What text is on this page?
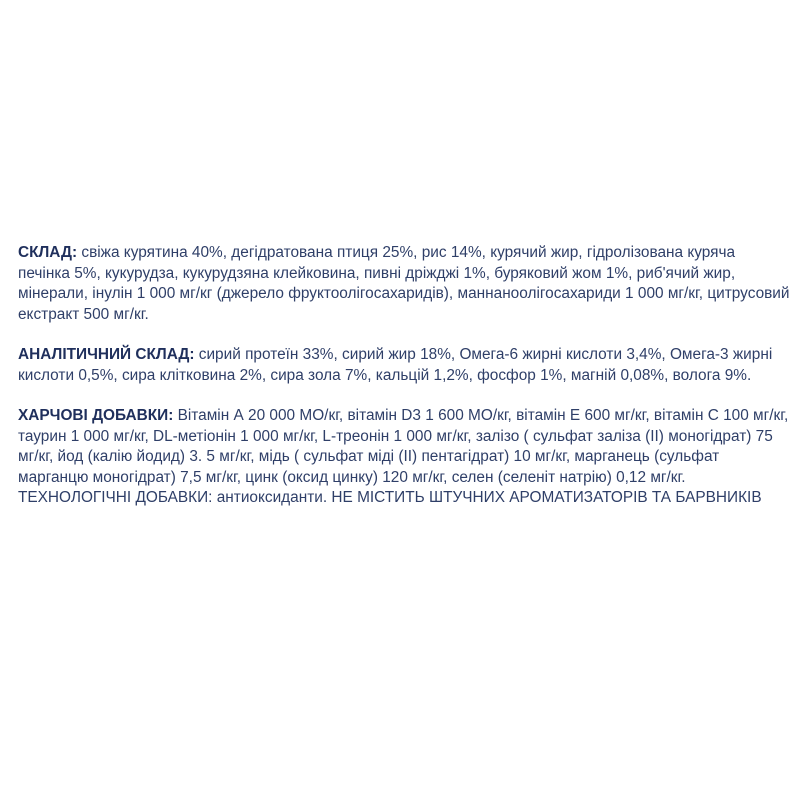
СКЛАД: свіжа курятина 40%, дегідратована птиця 25%, рис 14%, курячий жир, гідролізована куряча печінка 5%, кукурудза, кукурудзяна клейковина, пивні дріжджі 1%, буряковий жом 1%, риб'ячий жир, мінерали, інулін 1 000 мг/кг (джерело фруктоолігосахаридів), маннаноолігосахариди 1 000 мг/кг, цитрусовий екстракт 500 мг/кг.

АНАЛІТИЧНИЙ СКЛАД: сирий протеїн 33%, сирий жир 18%, Омега-6 жирні кислоти 3,4%, Омега-3 жирні кислоти 0,5%, сира клітковина 2%, сира зола 7%, кальцій 1,2%, фосфор 1%, магній 0,08%, волога 9%.

ХАРЧОВІ ДОБАВКИ: Вітамін А 20 000 МО/кг, вітамін D3 1 600 МО/кг, вітамін Е 600 мг/кг, вітамін С 100 мг/кг, таурин 1 000 мг/кг, DL-метіонін 1 000 мг/кг, L-треонін 1 000 мг/кг, залізо ( сульфат заліза (II) моногідрат) 75 мг/кг, йод (калію йодид) 3. 5 мг/кг, мідь ( сульфат міді (II) пентагідрат) 10 мг/кг, марганець (сульфат марганцю моногідрат) 7,5 мг/кг, цинк (оксид цинку) 120 мг/кг, селен (селеніт натрію) 0,12 мг/кг. ТЕХНОЛОГІЧНІ ДОБАВКИ: антиоксиданти. НЕ МІСТИТЬ ШТУЧНИХ АРОМАТИЗАТОРІВ ТА БАРВНИКІВ
